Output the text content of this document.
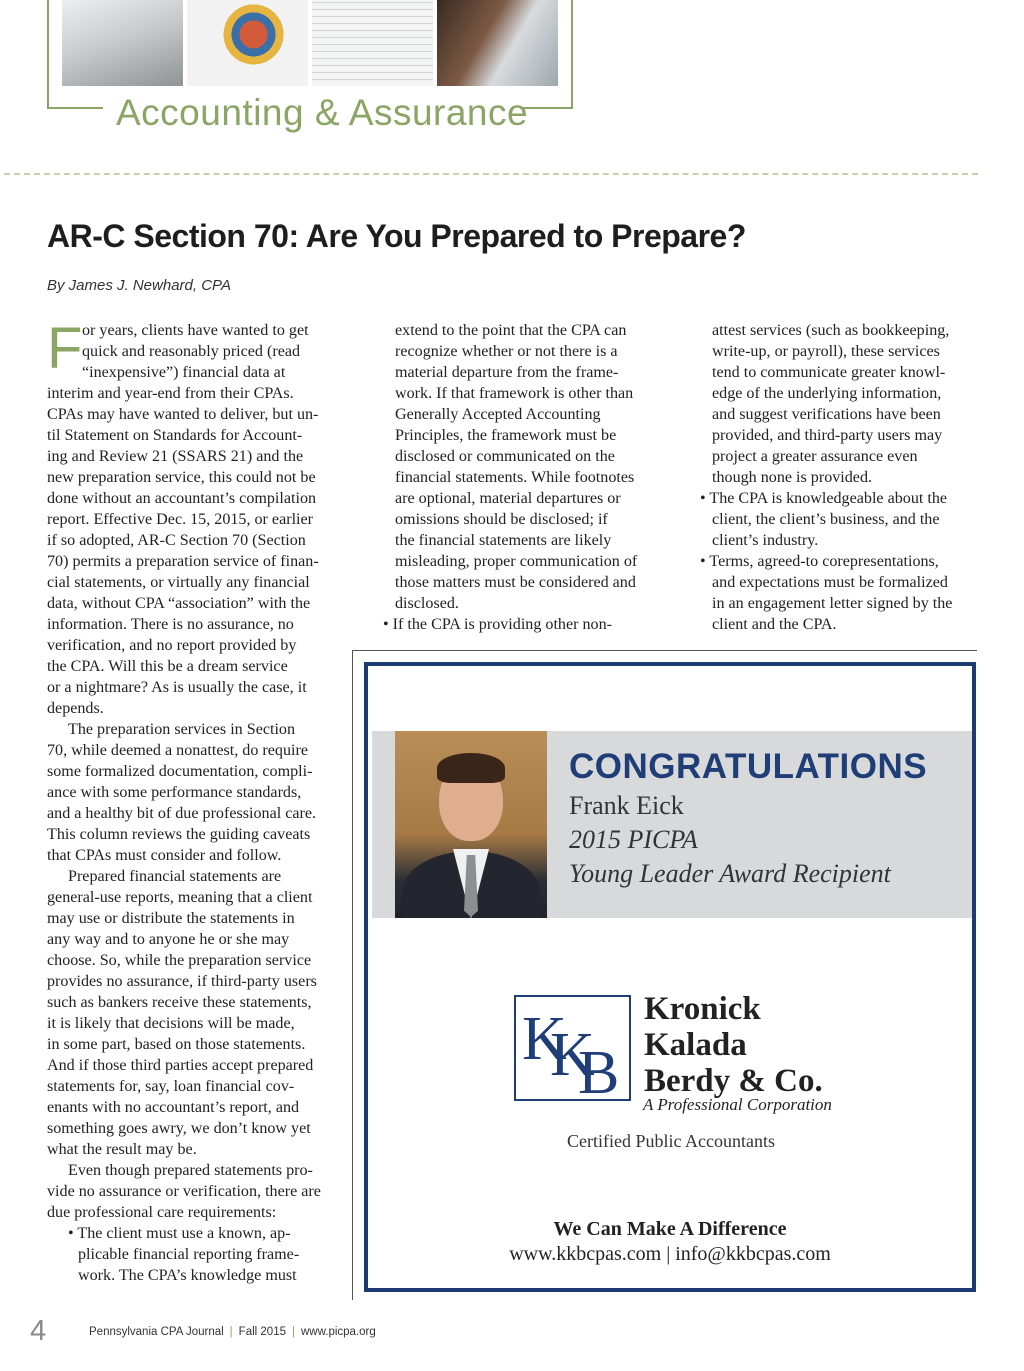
Accounting & Assurance
AR-C Section 70: Are You Prepared to Prepare?
By James J. Newhard, CPA
F or years, clients have wanted to get
quick and reasonably priced (read
“inexpensive”) financial data at
interim and year-end from their CPAs.
CPAs may have wanted to deliver, but un-
til Statement on Standards for Account-
ing and Review 21 (SSARS 21) and the
new preparation service, this could not be
done without an accountant’s compilation
report. Effective Dec. 15, 2015, or earlier
if so adopted, AR-C Section 70 (Section
70) permits a preparation service of finan-
cial statements, or virtually any financial
data, without CPA “association” with the
information. There is no assurance, no
verification, and no report provided by
the CPA. Will this be a dream service
or a nightmare? As is usually the case, it
depends.
The preparation services in Section
70, while deemed a nonattest, do require
some formalized documentation, compli-
ance with some performance standards,
and a healthy bit of due professional care.
This column reviews the guiding caveats
that CPAs must consider and follow.
Prepared financial statements are
general-use reports, meaning that a client
may use or distribute the statements in
any way and to anyone he or she may
choose. So, while the preparation service
provides no assurance, if third-party users
such as bankers receive these statements,
it is likely that decisions will be made,
in some part, based on those statements.
And if those third parties accept prepared
statements for, say, loan financial cov-
enants with no accountant’s report, and
something goes awry, we don’t know yet
what the result may be.
Even though prepared statements pro-
vide no assurance or verification, there are
due professional care requirements:
• The client must use a known, ap-
plicable financial reporting frame-
work. The CPA’s knowledge must
extend to the point that the CPA can
recognize whether or not there is a
material departure from the frame-
work. If that framework is other than
Generally Accepted Accounting
Principles, the framework must be
disclosed or communicated on the
financial statements. While footnotes
are optional, material departures or
omissions should be disclosed; if
the financial statements are likely
misleading, proper communication of
those matters must be considered and
disclosed.
• If the CPA is providing other non-
attest services (such as bookkeeping,
write-up, or payroll), these services
tend to communicate greater knowl-
edge of the underlying information,
and suggest verifications have been
provided, and third-party users may
project a greater assurance even
though none is provided.
• The CPA is knowledgeable about the
client, the client’s business, and the
client’s industry.
• Terms, agreed-to corepresentations,
and expectations must be formalized
in an engagement letter signed by the
client and the CPA.
CONGRATULATIONS
Frank Eick
2015 PICPA
Young Leader Award Recipient
K
K
B
Kronick
Kalada
Berdy & Co.
A Professional Corporation
Certified Public Accountants
We Can Make A Difference
www.kkbcpas.com | info@kkbcpas.com
4	Pennsylvania CPA Journal | Fall 2015 | www.picpa.org
